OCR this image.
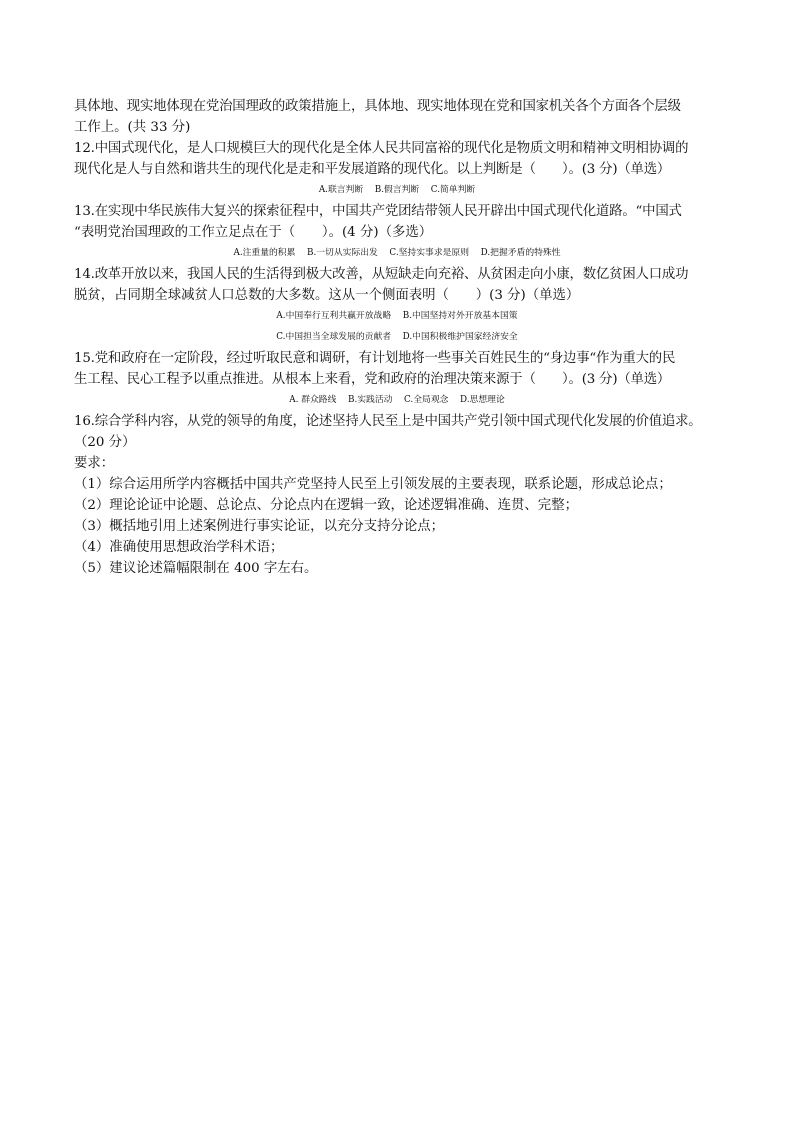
具体地、现实地体现在党治国理政的政策措施上，具体地、现实地体现在党和国家机关各个方面各个层级
工作上。(共 33 分)
12.中国式现代化，是人口规模巨大的现代化是全体人民共同富裕的现代化是物质文明和精神文明相协调的
现代化是人与自然和谐共生的现代化是走和平发展道路的现代化。以上判断是（　　）。(3 分)（单选）
A.联言判断　 B.假言判断　 C.简单判断
13.在实现中华民族伟大复兴的探索征程中，中国共产党团结带领人民开辟出中国式现代化道路。“中国式
“表明党治国理政的工作立足点在于（　　）。(4 分)（多选）
A.注重量的积累　 B.一切从实际出发　 C.坚持实事求是原则　 D.把握矛盾的特殊性
14.改革开放以来，我国人民的生活得到极大改善，从短缺走向充裕、从贫困走向小康，数亿贫困人口成功
脱贫，占同期全球减贫人口总数的大多数。这从一个侧面表明（　　）(3 分)（单选）
A.中国奉行互利共赢开放战略　 B.中国坚持对外开放基本国策
C.中国担当全球发展的贡献者　 D.中国积极维护国家经济安全
15.党和政府在一定阶段，经过听取民意和调研，有计划地将一些事关百姓民生的“身边事“作为重大的民
生工程、民心工程予以重点推进。从根本上来看，党和政府的治理决策来源于（　　）。(3 分)（单选）
A. 群众路线　 B.实践活动　 C.全局观念　 D.思想理论
16.综合学科内容，从党的领导的角度，论述坚持人民至上是中国共产党引领中国式现代化发展的价值追求。
（20 分）
要求：
（1）综合运用所学内容概括中国共产党坚持人民至上引领发展的主要表现，联系论题，形成总论点；
（2）理论论证中论题、总论点、分论点内在逻辑一致，论述逻辑准确、连贯、完整；
（3）概括地引用上述案例进行事实论证，以充分支持分论点；
（4）准确使用思想政治学科术语；
（5）建议论述篇幅限制在 400 字左右。
